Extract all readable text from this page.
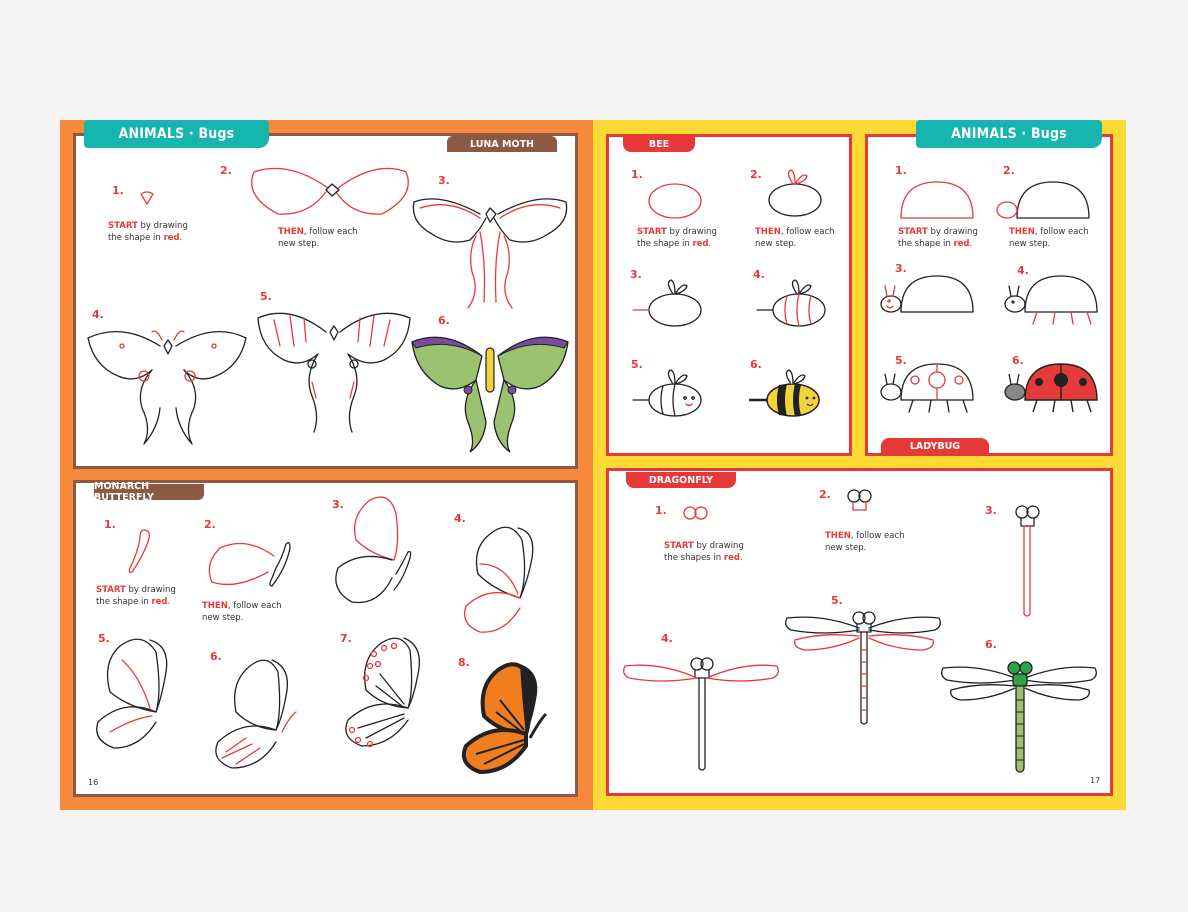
ANIMALS · Bugs
LUNA MOTH
1.
2.
3.
4.
5.
6.
START by drawing
the shape in red.
THEN, follow each
new step.
MONARCH BUTTERFLY
1.	2.
3.
4.
5.
6.
7.
8.
START by drawing
the shape in red.	THEN, follow each
new step.
16
BEE
1.	2.
3.	4.
5.	6.
START by drawing
the shape in red.
THEN, follow each
new step.
ANIMALS · Bugs
LADYBUG
1.	2.
3.	4.
5.	6.
START by drawing
the shape in red.
THEN, follow each
new step.
DRAGONFLY
1.
2.
3.
4.
5.
6.
START by drawing
the shapes in red.
THEN, follow each
new step.
17
